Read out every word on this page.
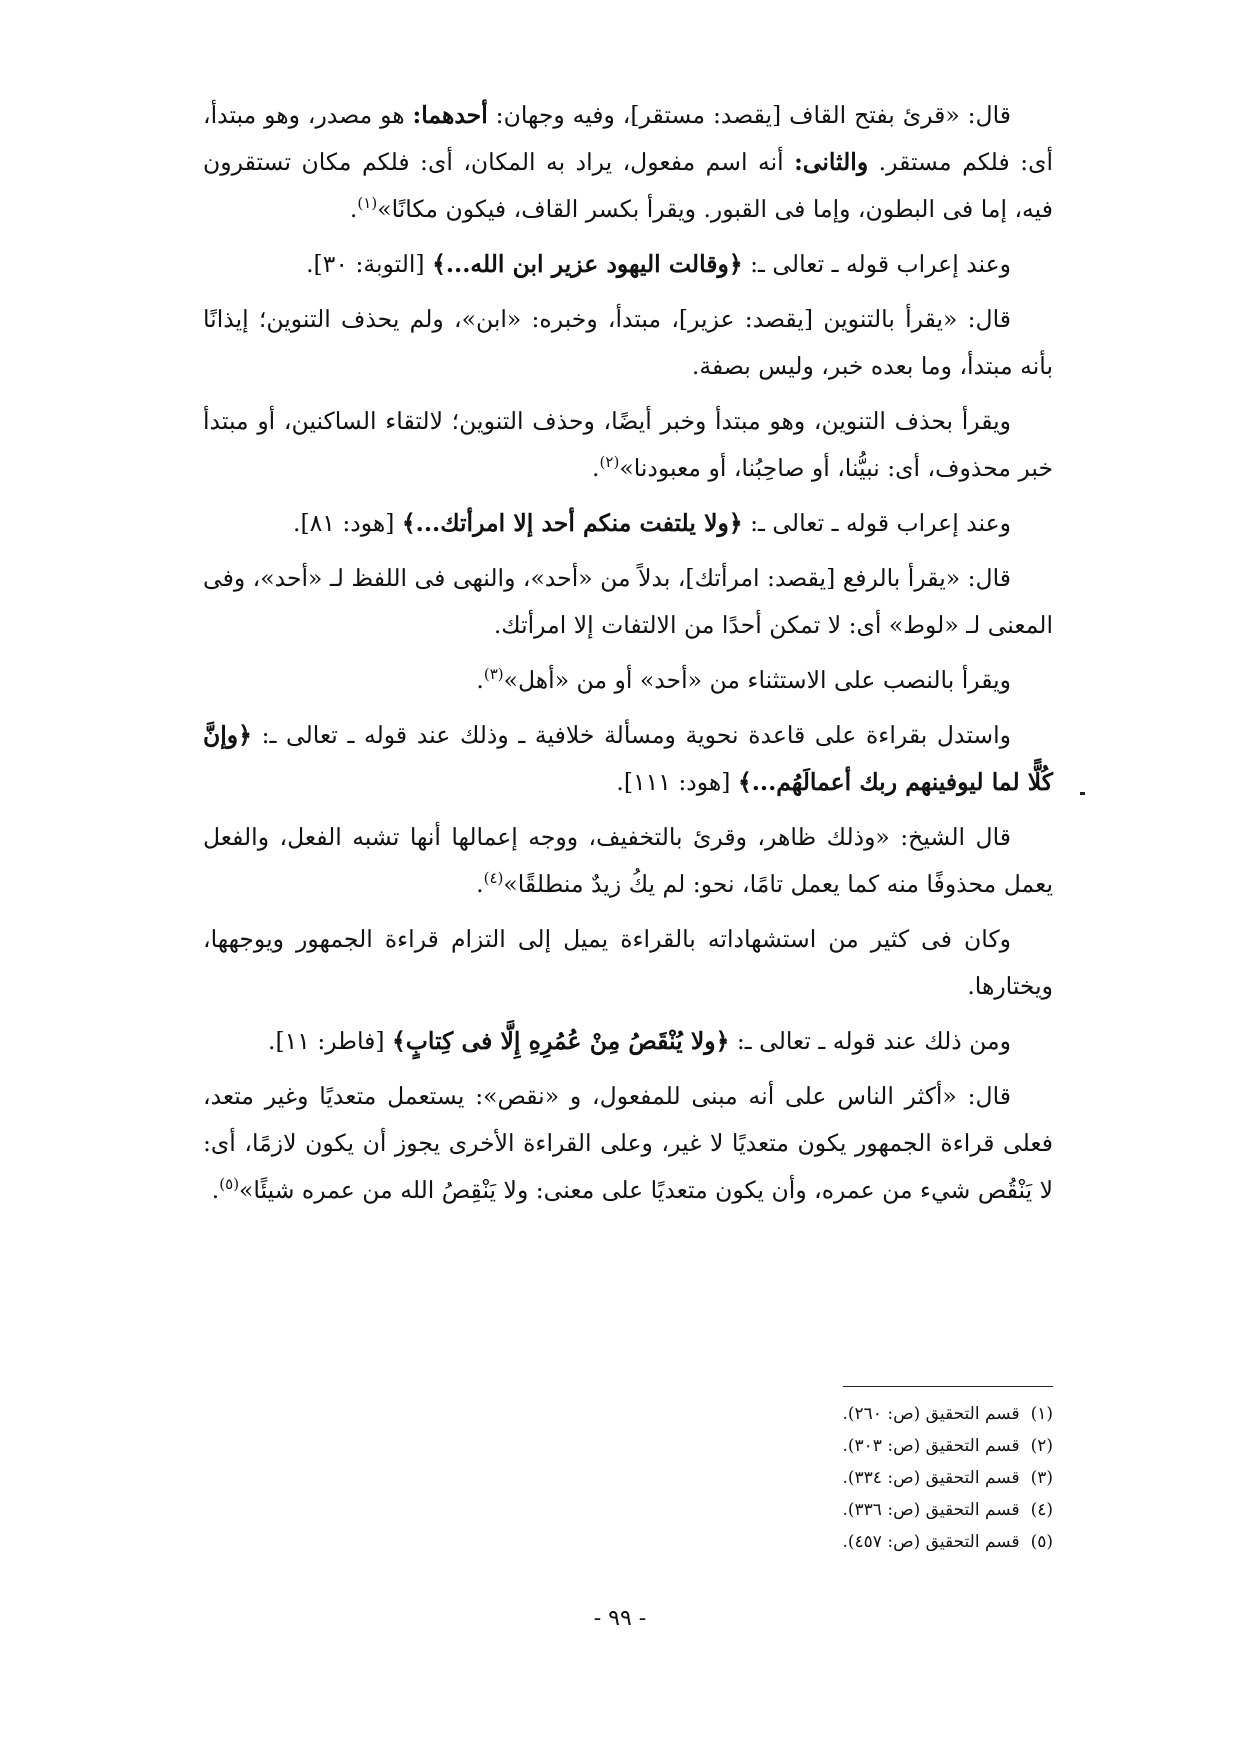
قال: «قرئ بفتح القاف [يقصد: مستقر]، وفيه وجهان: أحدهما: هو مصدر، وهو مبتدأ، أى: فلكم مستقر. والثانى: أنه اسم مفعول، يراد به المكان، أى: فلكم مكان تستقرون فيه، إما فى البطون، وإما فى القبور. ويقرأ بكسر القاف، فيكون مكانًا»$^{(١)}$.

وعند إعراب قوله ـ تعالى ـ: ﴿وقالت اليهود عزير ابن الله...﴾ [التوبة: ٣٠].

قال: «يقرأ بالتنوين [يقصد: عزير]، مبتدأ، وخبره: «ابن»، ولم يحذف التنوين؛ إيذانًا بأنه مبتدأ، وما بعده خبر، وليس بصفة.

ويقرأ بحذف التنوين، وهو مبتدأ وخبر أيضًا، وحذف التنوين؛ لالتقاء الساكنين، أو مبتدأ خبر محذوف، أى: نبيُّنا، أو صاحِبُنا، أو معبودنا»$^{(٢)}$.

وعند إعراب قوله ـ تعالى ـ: ﴿ولا يلتفت منكم أحد إلا امرأتك...﴾ [هود: ٨١].

قال: «يقرأ بالرفع [يقصد: امرأتك]، بدلاً من «أحد»، والنهى فى اللفظ لـ «أحد»، وفى المعنى لـ «لوط» أى: لا تمكن أحدًا من الالتفات إلا امرأتك.

ويقرأ بالنصب على الاستثناء من «أحد» أو من «أهل»$^{(٣)}$.

واستدل بقراءة على قاعدة نحوية ومسألة خلافية ـ وذلك عند قوله ـ تعالى ـ: ﴿وإنَّ كُلًّا لما ليوفينهم ربك أعمالَهُم...﴾ [هود: ١١١].

قال الشيخ: «وذلك ظاهر، وقرئ بالتخفيف، ووجه إعمالها أنها تشبه الفعل، والفعل يعمل محذوفًا منه كما يعمل تامًا، نحو: لم يكُ زيدٌ منطلقًا»$^{(٤)}$.

وكان فى كثير من استشهاداته بالقراءة يميل إلى التزام قراءة الجمهور ويوجهها، ويختارها.

ومن ذلك عند قوله ـ تعالى ـ: ﴿ولا يُنْقَصُ مِنْ عُمُرِهِ إِلَّا فى كِتابٍ﴾ [فاطر: ١١].

قال: «أكثر الناس على أنه مبنى للمفعول، و «نقص»: يستعمل متعديًا وغير متعد، فعلى قراءة الجمهور يكون متعديًا لا غير، وعلى القراءة الأخرى يجوز أن يكون لازمًا، أى: لا يَنْقُص شيء من عمره، وأن يكون متعديًا على معنى: ولا يَنْقِصُ الله من عمره شيئًا»$^{(٥)}$.

(١) قسم التحقيق (ص: ٢٦٠).
(٢) قسم التحقيق (ص: ٣٠٣).
(٣) قسم التحقيق (ص: ٣٣٤).
(٤) قسم التحقيق (ص: ٣٣٦).
(٥) قسم التحقيق (ص: ٤٥٧).
- ٩٩ -
